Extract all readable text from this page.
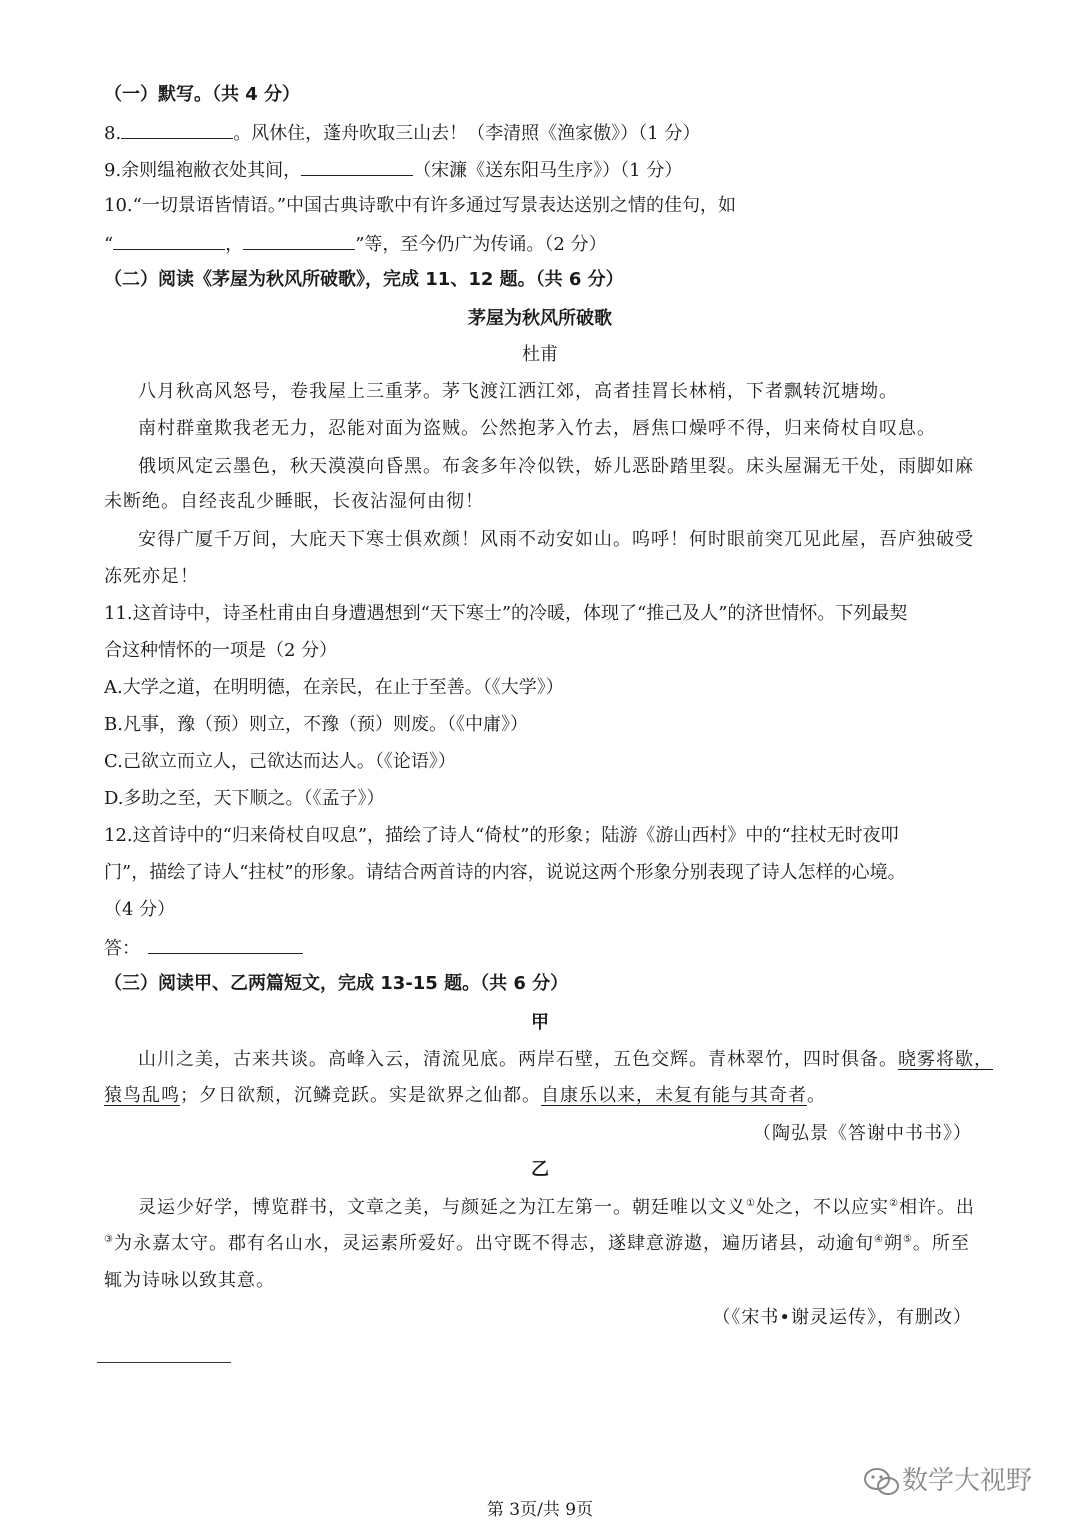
（一）默写。（共 4 分）
8.	。风休住，蓬舟吹取三山去！（李清照《渔家傲》）（1 分）
9.余则缊袍敝衣处其间，	（宋濂《送东阳马生序》）（1 分）
10.“一切景语皆情语。”中国古典诗歌中有许多通过写景表达送别之情的佳句，如
“	，	”等，至今仍广为传诵。（2 分）
（二）阅读《茅屋为秋风所破歌》，完成 11、12 题。（共 6 分）
茅屋为秋风所破歌
杜甫
八月秋高风怒号，卷我屋上三重茅。茅飞渡江洒江郊，高者挂罥长林梢，下者飘转沉塘坳。
南村群童欺我老无力，忍能对面为盗贼。公然抱茅入竹去，唇焦口燥呼不得，归来倚杖自叹息。
俄顷风定云墨色，秋天漠漠向昏黑。布衾多年冷似铁，娇儿恶卧踏里裂。床头屋漏无干处，雨脚如麻
未断绝。自经丧乱少睡眠，长夜沾湿何由彻！
安得广厦千万间，大庇天下寒士俱欢颜！风雨不动安如山。呜呼！何时眼前突兀见此屋，吾庐独破受
冻死亦足！
11.这首诗中，诗圣杜甫由自身遭遇想到“天下寒士”的冷暖，体现了“推己及人”的济世情怀。下列最契
合这种情怀的一项是（2 分）
A.大学之道，在明明德，在亲民，在止于至善。（《大学》）
B.凡事，豫（预）则立，不豫（预）则废。（《中庸》）
C.己欲立而立人，己欲达而达人。（《论语》）
D.多助之至，天下顺之。（《孟子》）
12.这首诗中的“归来倚杖自叹息”，描绘了诗人“倚杖”的形象；陆游《游山西村》中的“拄杖无时夜叩
门”，描绘了诗人“拄杖”的形象。请结合两首诗的内容，说说这两个形象分别表现了诗人怎样的心境。
（4 分）
答：
（三）阅读甲、乙两篇短文，完成 13-15 题。（共 6 分）
甲
山川之美，古来共谈。高峰入云，清流见底。两岸石壁，五色交辉。青林翠竹，四时俱备。晓雾将歇，
猿鸟乱鸣；夕日欲颓，沉鳞竞跃。实是欲界之仙都。自康乐以来，未复有能与其奇者。
（陶弘景《答谢中书书》）
乙
灵运少好学，博览群书，文章之美，与颜延之为江左第一。朝廷唯以文义①处之，不以应实②相许。出
③为永嘉太守。郡有名山水，灵运素所爱好。出守既不得志，遂肆意游遨，遍历诸县，动逾旬④朔⑤。所至
辄为诗咏以致其意。
（《宋书•谢灵运传》，有删改）
数学大视野
第 3页/共 9页
